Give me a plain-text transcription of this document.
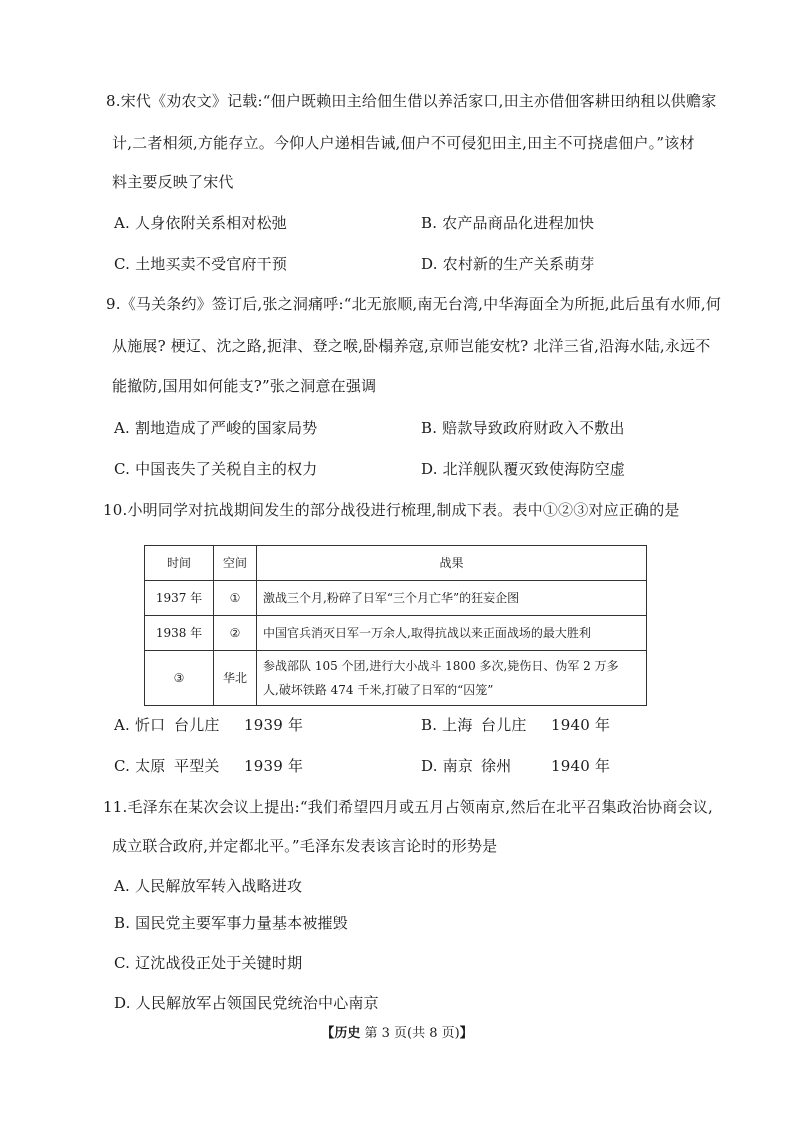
8.宋代《劝农文》记载:“佃户既赖田主给佃生借以养活家口,田主亦借佃客耕田纳租以供赡家
计,二者相须,方能存立。今仰人户递相告诫,佃户不可侵犯田主,田主不可挠虐佃户。”该材
料主要反映了宋代
A. 人身依附关系相对松弛	B. 农产品商品化进程加快
C. 土地买卖不受官府干预	D. 农村新的生产关系萌芽
9.《马关条约》签订后,张之洞痛呼:“北无旅顺,南无台湾,中华海面全为所扼,此后虽有水师,何
从施展? 梗辽、沈之路,扼津、登之喉,卧榻养寇,京师岂能安枕? 北洋三省,沿海水陆,永远不
能撤防,国用如何能支?”张之洞意在强调
A. 割地造成了严峻的国家局势	B. 赔款导致政府财政入不敷出
C. 中国丧失了关税自主的权力	D. 北洋舰队覆灭致使海防空虚
10.小明同学对抗战期间发生的部分战役进行梳理,制成下表。表中①②③对应正确的是
时间	空间	战果
1937 年	①	激战三个月,粉碎了日军“三个月亡华”的狂妄企图
1938 年	②	中国官兵消灭日军一万余人,取得抗战以来正面战场的最大胜利
③	华北	参战部队 105 个团,进行大小战斗 1800 多次,毙伤日、伪军 2 万多
人,破坏铁路 474 千米,打破了日军的“囚笼”
A. 忻口 台儿庄 1939 年	B. 上海 台儿庄 1940 年
C. 太原 平型关 1939 年	D. 南京 徐州	1940 年
11.毛泽东在某次会议上提出:“我们希望四月或五月占领南京,然后在北平召集政治协商会议,
成立联合政府,并定都北平。”毛泽东发表该言论时的形势是
A. 人民解放军转入战略进攻
B. 国民党主要军事力量基本被摧毁
C. 辽沈战役正处于关键时期
D. 人民解放军占领国民党统治中心南京
【历史 第 3 页(共 8 页)】
